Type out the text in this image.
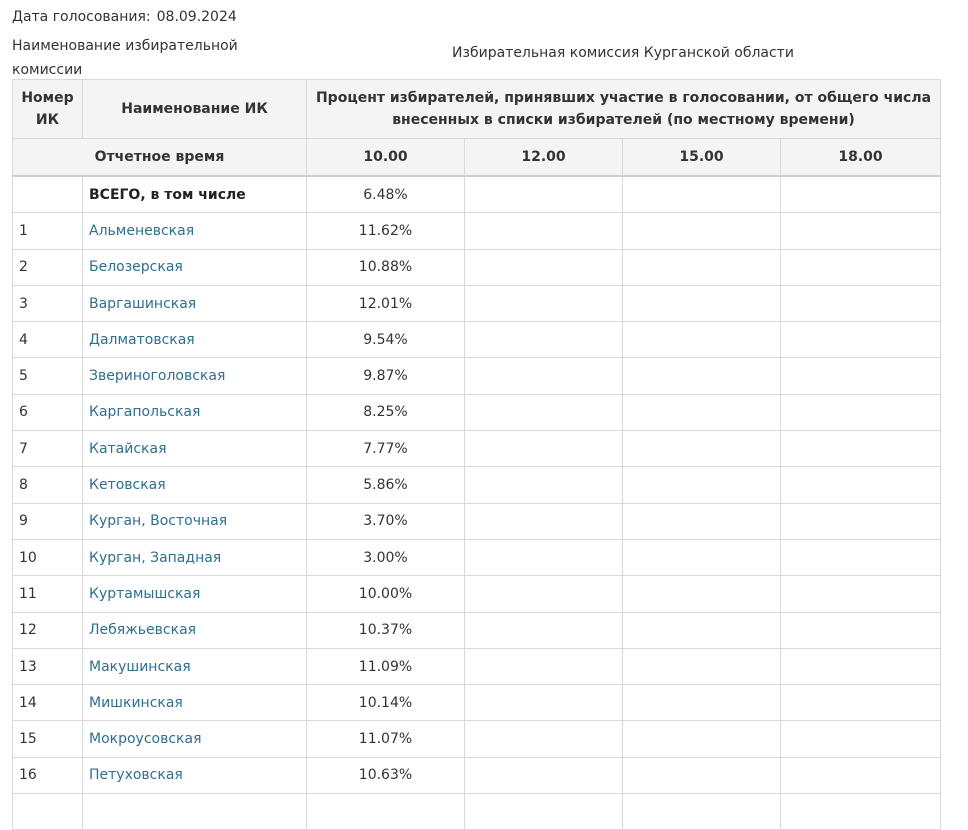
Дата голосования: 08.09.2024
Наименование избирательной комиссии
Избирательная комиссия Курганской области
Номер ИК	Наименование ИК	Процент избирателей, принявших участие в голосовании, от общего числа внесенных в списки избирателей (по местному времени)			
Отчетное время		10.00	12.00	15.00	18.00
	ВСЕГО, в том числе	6.48%			
1	Альменевская	11.62%			
2	Белозерская	10.88%			
3	Варгашинская	12.01%			
4	Далматовская	9.54%			
5	Звериноголовская	9.87%			
6	Каргапольская	8.25%			
7	Катайская	7.77%			
8	Кетовская	5.86%			
9	Курган, Восточная	3.70%			
10	Курган, Западная	3.00%			
11	Куртамышская	10.00%			
12	Лебяжьевская	10.37%			
13	Макушинская	11.09%			
14	Мишкинская	10.14%			
15	Мокроусовская	11.07%			
16	Петуховская	10.63%			
